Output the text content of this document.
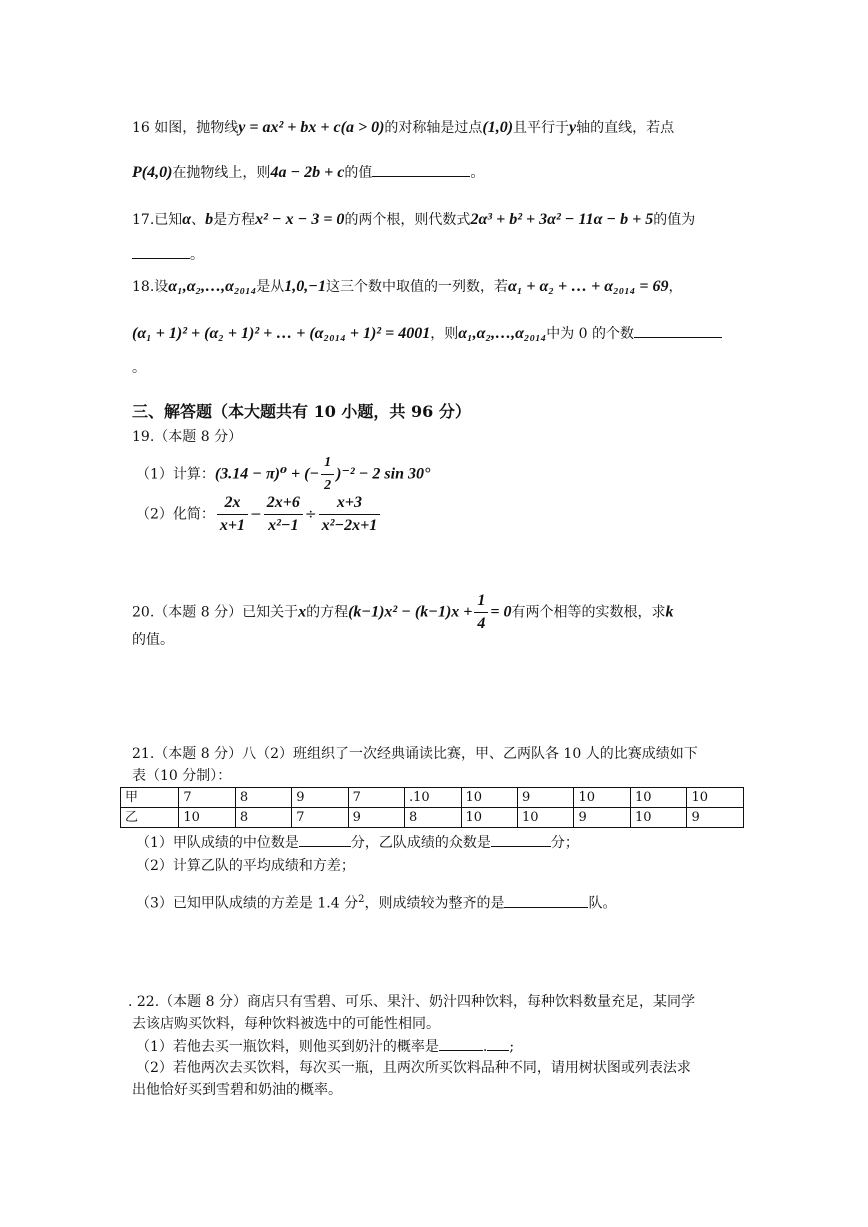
16 如图，抛物线y = ax² + bx + c(a > 0)的对称轴是过点(1,0)且平行于y轴的直线，若点
P(4,0)在抛物线上，则4a − 2b + c的值	。
17.已知α、b是方程x² − x − 3 = 0的两个根，则代数式2α³ + b² + 3α² − 11α − b + 5的值为
。
18.设α₁,α₂,…,α₂₀₁₄是从1,0,−1这三个数中取值的一列数，若α₁ + α₂ + … + α₂₀₁₄ = 69，
(α₁ + 1)² + (α₂ + 1)² + … + (α₂₀₁₄ + 1)² = 4001，则α₁,α₂,…,α₂₀₁₄中为 0 的个数
。
三、解答题（本大题共有 10 小题，共 96 分）
19.（本题 8 分）
（1）计算：(3.14 − π)⁰ + (− $\frac{1}{2} )^{-2} - 2$ sin 30°
（2）化简： $\frac{2x}{x+1} - \frac{2x+6}{\text{x²−1}} \div \frac{x+3}{\text{x²−2x+1}}$
20.（本题 8 分）已知关于x的方程$(k-1)x^2 - (k-1)x + \frac{1}{4} = 0$有两个相等的实数根，求k
的值。
21.（本题 8 分）八（2）班组织了一次经典诵读比赛，甲、乙两队各 10 人的比赛成绩如下
表（10 分制）：
甲	7	8	9	7	.10	10	9	10	10	10
乙	10	8	7	9	8	10	10	9	10	9
（1）甲队成绩的中位数是	分，乙队成绩的众数是	分；
（2）计算乙队的平均成绩和方差；
（3）已知甲队成绩的方差是 1.4 分$^2$，则成绩较为整齐的是	队。
. 22.（本题 8 分）商店只有雪碧、可乐、果汁、奶汁四种饮料，每种饮料数量充足，某同学
去该店购买饮料，每种饮料被选中的可能性相同。
（1）若他去买一瓶饮料，则他买到奶汁的概率是	. ;
（2）若他两次去买饮料，每次买一瓶，且两次所买饮料品种不同，请用树状图或列表法求
出他恰好买到雪碧和奶油的概率。
